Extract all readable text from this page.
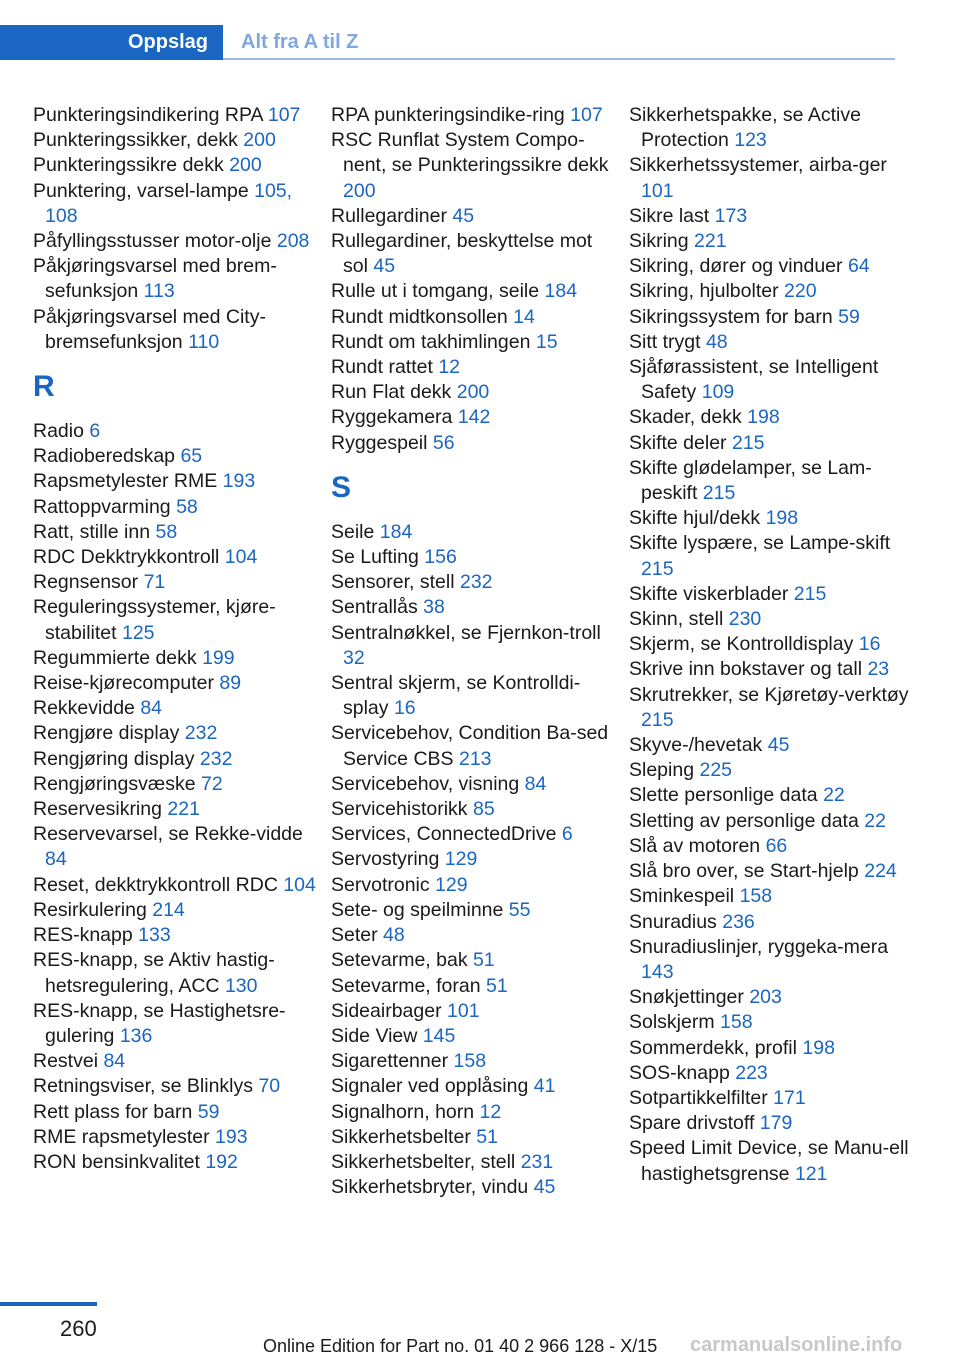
Oppslag Alt fra A til Z
Punkteringsindikering RPA 107
Punkteringssikker, dekk 200
Punkteringssikre dekk 200
Punktering, varsel-lampe 105, 108
Påfyllingsstusser motor-olje 208
Påkjøringsvarsel med brem-sefunksjon 113
Påkjøringsvarsel med City-bremsefunksjon 110
R
Radio 6
Radioberedskap 65
Rapsmetylester RME 193
Rattoppvarming 58
Ratt, stille inn 58
RDC Dekktrykkontroll 104
Regnsensor 71
Reguleringssystemer, kjøre-stabilitet 125
Regummierte dekk 199
Reise-kjørecomputer 89
Rekkevidde 84
Rengjøre display 232
Rengjøring display 232
Rengjøringsvæske 72
Reservesikring 221
Reservevarsel, se Rekke-vidde 84
Reset, dekktrykkontroll RDC 104
Resirkulering 214
RES-knapp 133
RES-knapp, se Aktiv hastig-hetsregulering, ACC 130
RES-knapp, se Hastighetsre-gulering 136
Restvei 84
Retningsviser, se Blinklys 70
Rett plass for barn 59
RME rapsmetylester 193
RON bensinkvalitet 192
RPA punkteringsindike-ring 107
RSC Runflat System Compo-nent, se Punkteringssikre dekk 200
Rullegardiner 45
Rullegardiner, beskyttelse mot sol 45
Rulle ut i tomgang, seile 184
Rundt midtkonsollen 14
Rundt om takhimlingen 15
Rundt rattet 12
Run Flat dekk 200
Ryggekamera 142
Ryggespeil 56
S
Seile 184
Se Lufting 156
Sensorer, stell 232
Sentrallås 38
Sentralnøkkel, se Fjernkon-troll 32
Sentral skjerm, se Kontrolldi-splay 16
Servicebehov, Condition Ba-sed Service CBS 213
Servicebehov, visning 84
Servicehistorikk 85
Services, ConnectedDrive 6
Servostyring 129
Servotronic 129
Sete- og speilminne 55
Seter 48
Setevarme, bak 51
Setevarme, foran 51
Sideairbager 101
Side View 145
Sigarettenner 158
Signaler ved opplåsing 41
Signalhorn, horn 12
Sikkerhetsbelter 51
Sikkerhetsbelter, stell 231
Sikkerhetsbryter, vindu 45
Sikkerhetspakke, se Active Protection 123
Sikkerhetssystemer, airba-ger 101
Sikre last 173
Sikring 221
Sikring, dører og vinduer 64
Sikring, hjulbolter 220
Sikringssystem for barn 59
Sitt trygt 48
Sjåførassistent, se Intelligent Safety 109
Skader, dekk 198
Skifte deler 215
Skifte glødelamper, se Lam-peskift 215
Skifte hjul/dekk 198
Skifte lyspære, se Lampe-skift 215
Skifte viskerblader 215
Skinn, stell 230
Skjerm, se Kontrolldisplay 16
Skrive inn bokstaver og tall 23
Skrutrekker, se Kjøretøy-verktøy 215
Skyve-/hevetak 45
Sleping 225
Slette personlige data 22
Sletting av personlige data 22
Slå av motoren 66
Slå bro over, se Start-hjelp 224
Sminkespeil 158
Snuradius 236
Snuradiuslinjer, ryggeka-mera 143
Snøkjettinger 203
Solskjerm 158
Sommerdekk, profil 198
SOS-knapp 223
Sotpartikkelfilter 171
Spare drivstoff 179
Speed Limit Device, se Manu-ell hastighetsgrense 121
260
Online Edition for Part no. 01 40 2 966 128 - X/15 carmanualsonline.info
